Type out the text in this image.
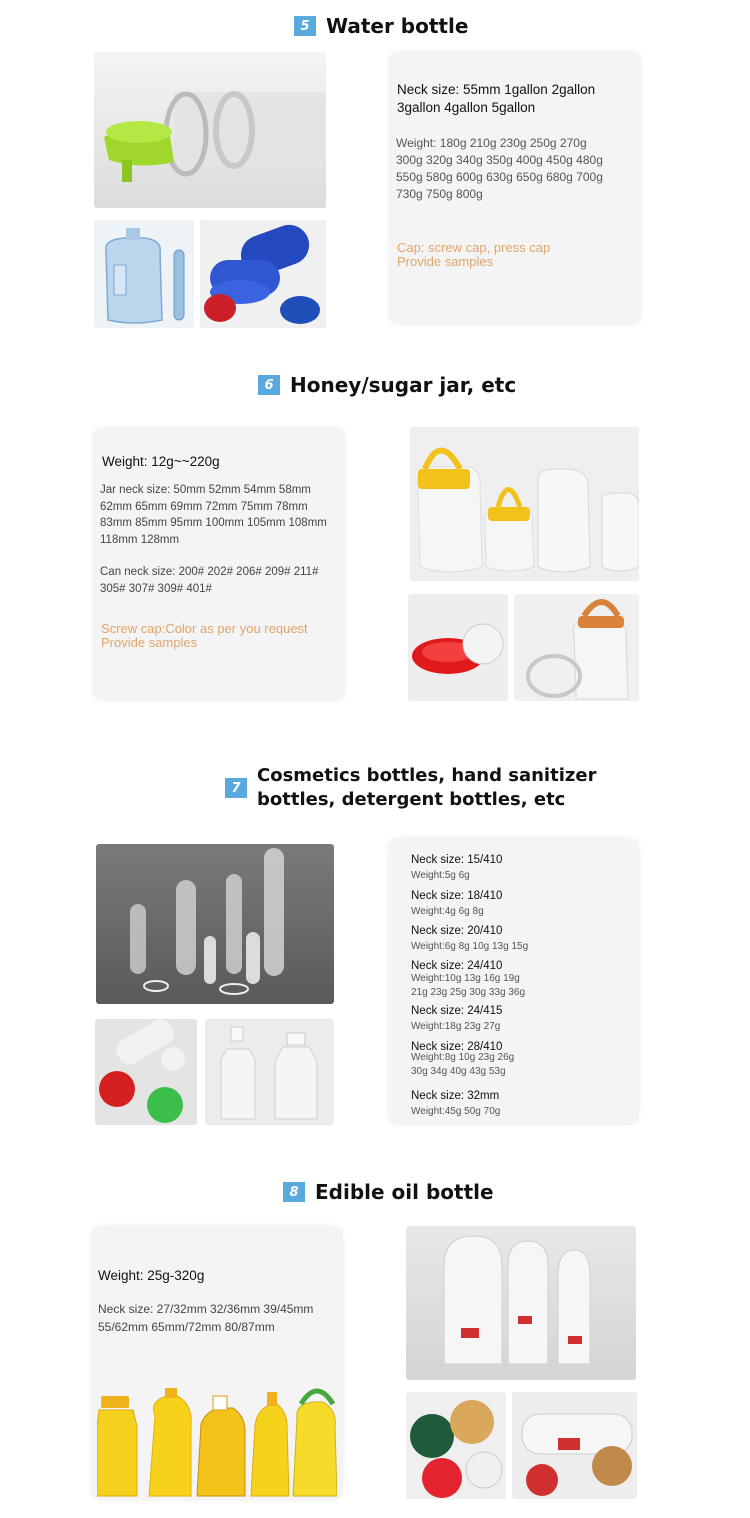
5 Water bottle
Neck size: 55mm 1gallon 2gallon
3gallon 4gallon 5gallon
Weight: 180g 210g 230g 250g 270g
300g 320g 340g 350g 400g 450g 480g
550g 580g 600g 630g 650g 680g 700g
730g 750g 800g
Cap: screw cap, press cap
Provide samples
6 Honey/sugar jar, etc
Weight: 12g~~220g
Jar neck size: 50mm 52mm 54mm 58mm
62mm 65mm 69mm 72mm 75mm 78mm
83mm 85mm 95mm 100mm 105mm 108mm
118mm 128mm
Can neck size: 200# 202# 206# 209# 211#
305# 307# 309# 401#
Screw cap:Color as per you request
Provide samples
7
Cosmetics bottles, hand sanitizer
bottles, detergent bottles, etc
Neck size: 15/410
Weight:5g 6g
Neck size: 18/410
Weight:4g 6g 8g
Neck size: 20/410
Weight:6g 8g 10g 13g 15g
Neck size: 24/410
Weight:10g 13g 16g 19g
21g 23g 25g 30g 33g 36g
Neck size: 24/415
Weight:18g 23g 27g
Neck size: 28/410
Weight:8g 10g 23g 26g
30g 34g 40g 43g 53g
Neck size: 32mm
Weight:45g 50g 70g
8 Edible oil bottle
Weight: 25g-320g
Neck size: 27/32mm 32/36mm 39/45mm
55/62mm 65mm/72mm 80/87mm
